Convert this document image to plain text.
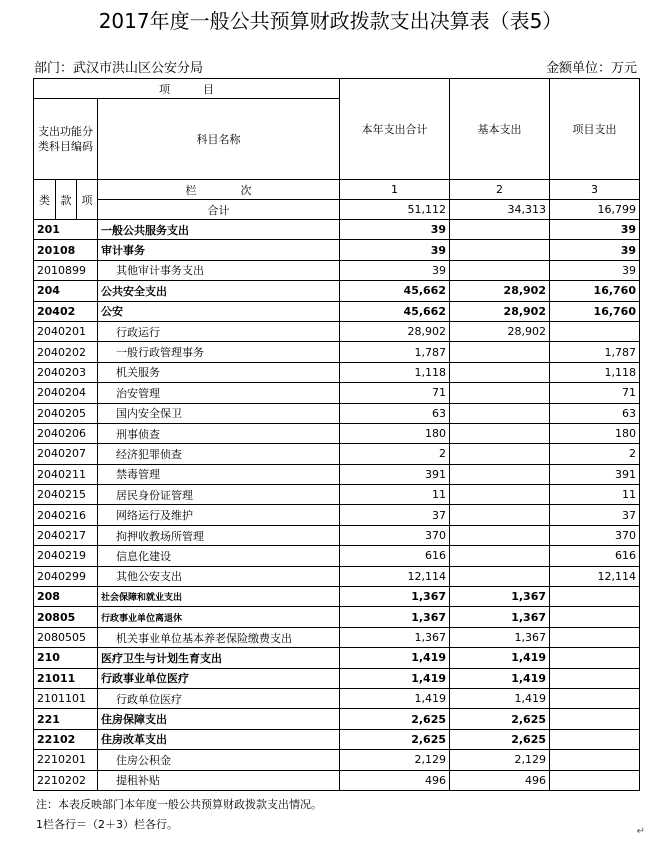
2017年度一般公共预算财政拨款支出决算表（表5）
部门：武汉市洪山区公安分局	金额单位：万元
项　　　目				本年支出合计	基本支出	项目支出
支出功能分类科目编码			科目名称			

类	款	项	栏　　　　次	1	2	3
			合计	51,112	34,313	16,799
201			一般公共服务支出	39		39
20108			审计事务	39		39
2010899			其他审计事务支出	39		39
204			公共安全支出	45,662	28,902	16,760
20402			公安	45,662	28,902	16,760
2040201			行政运行	28,902	28,902	
2040202			一般行政管理事务	1,787		1,787
2040203			机关服务	1,118		1,118
2040204			治安管理	71		71
2040205			国内安全保卫	63		63
2040206			刑事侦查	180		180
2040207			经济犯罪侦查	2		2
2040211			禁毒管理	391		391
2040215			居民身份证管理	11		11
2040216			网络运行及维护	37		37
2040217			拘押收教场所管理	370		370
2040219			信息化建设	616		616
2040299			其他公安支出	12,114		12,114
208			社会保障和就业支出	1,367	1,367	
20805			行政事业单位离退休	1,367	1,367	
2080505			机关事业单位基本养老保险缴费支出	1,367	1,367	
210			医疗卫生与计划生育支出	1,419	1,419	
21011			行政事业单位医疗	1,419	1,419	
2101101			行政单位医疗	1,419	1,419	
221			住房保障支出	2,625	2,625	
22102			住房改革支出	2,625	2,625	
2210201			住房公积金	2,129	2,129	
2210202			提租补贴	496	496	
注：本表反映部门本年度一般公共预算财政拨款支出情况。
1栏各行＝（2＋3）栏各行。
↵
